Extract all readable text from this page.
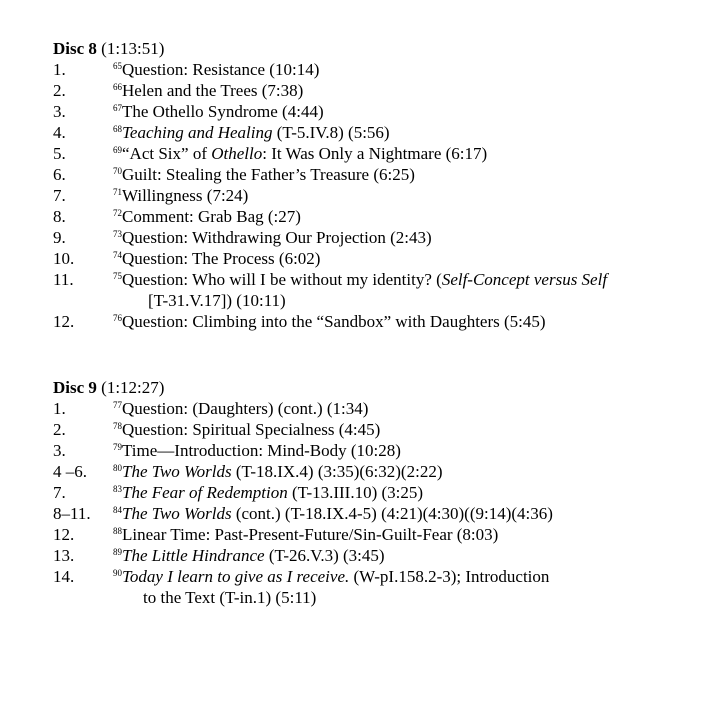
Disc 8 (1:13:51)
1.	$^{65}$Question: Resistance (10:14)
2.	$^{66}$Helen and the Trees (7:38)
3.	$^{67}$The Othello Syndrome (4:44)
4.	$^{68}$Teaching and Healing (T-5.IV.8) (5:56)
5.	$^{69}$“Act Six” of Othello: It Was Only a Nightmare (6:17)
6.	$^{70}$Guilt: Stealing the Father’s Treasure (6:25)
7.	$^{71}$Willingness (7:24)
8.	$^{72}$Comment: Grab Bag (:27)
9.	$^{73}$Question: Withdrawing Our Projection (2:43)
10.	$^{74}$Question: The Process (6:02)
11.	$^{75}$Question: Who will I be without my identity? (Self-Concept versus Self
[T-31.V.17]) (10:11)
12.	$^{76}$Question: Climbing into the “Sandbox” with Daughters (5:45)
Disc 9 (1:12:27)
1.	$^{77}$Question: (Daughters) (cont.) (1:34)
2.	$^{78}$Question: Spiritual Specialness (4:45)
3.	$^{79}$Time—Introduction: Mind-Body (10:28)
4 –6.	$^{80}$The Two Worlds (T-18.IX.4) (3:35)(6:32)(2:22)
7.	$^{83}$The Fear of Redemption (T-13.III.10) (3:25)
8–11. $^{84}$The Two Worlds (cont.) (T-18.IX.4-5) (4:21)(4:30)((9:14)(4:36)
12.	$^{88}$Linear Time: Past-Present-Future/Sin-Guilt-Fear (8:03)
13.	$^{89}$The Little Hindrance (T-26.V.3) (3:45)
14.	$^{90}$Today I learn to give as I receive. (W-pI.158.2-3); Introduction
to the Text (T-in.1) (5:11)
